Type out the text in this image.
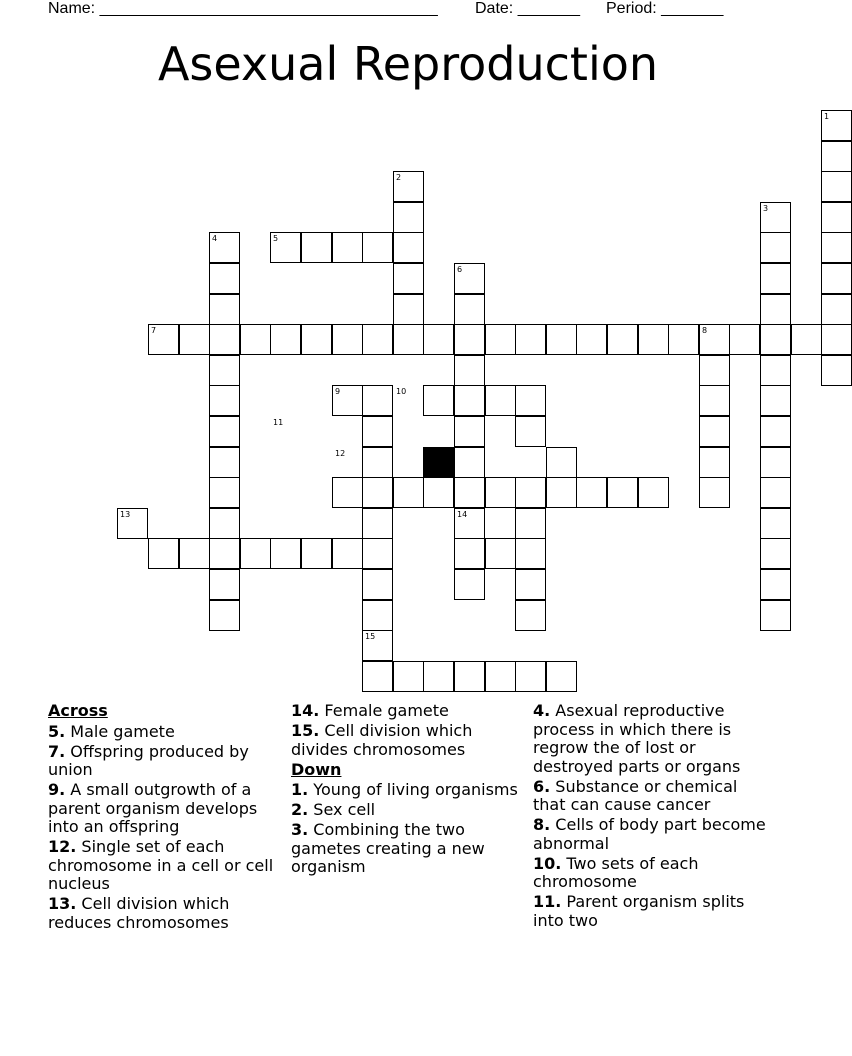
Name: ______________________________________ Date: _______ Period: _______
Asexual Reproduction
1
2
3
4	5
6
7	8
9	10
11
12
13	14
15
Across
5. Male gamete
7. Offspring produced by union
9. A small outgrowth of a parent organism develops into an offspring
12. Single set of each chromosome in a cell or cell nucleus
13. Cell division which reduces chromosomes
14. Female gamete
15. Cell division which divides chromosomes
Down
1. Young of living organisms
2. Sex cell
3. Combining the two gametes creating a new organism
4. Asexual reproductive process in which there is regrow the of lost or destroyed parts or organs
6. Substance or chemical that can cause cancer
8. Cells of body part become abnormal
10. Two sets of each chromosome
11. Parent organism splits into two
